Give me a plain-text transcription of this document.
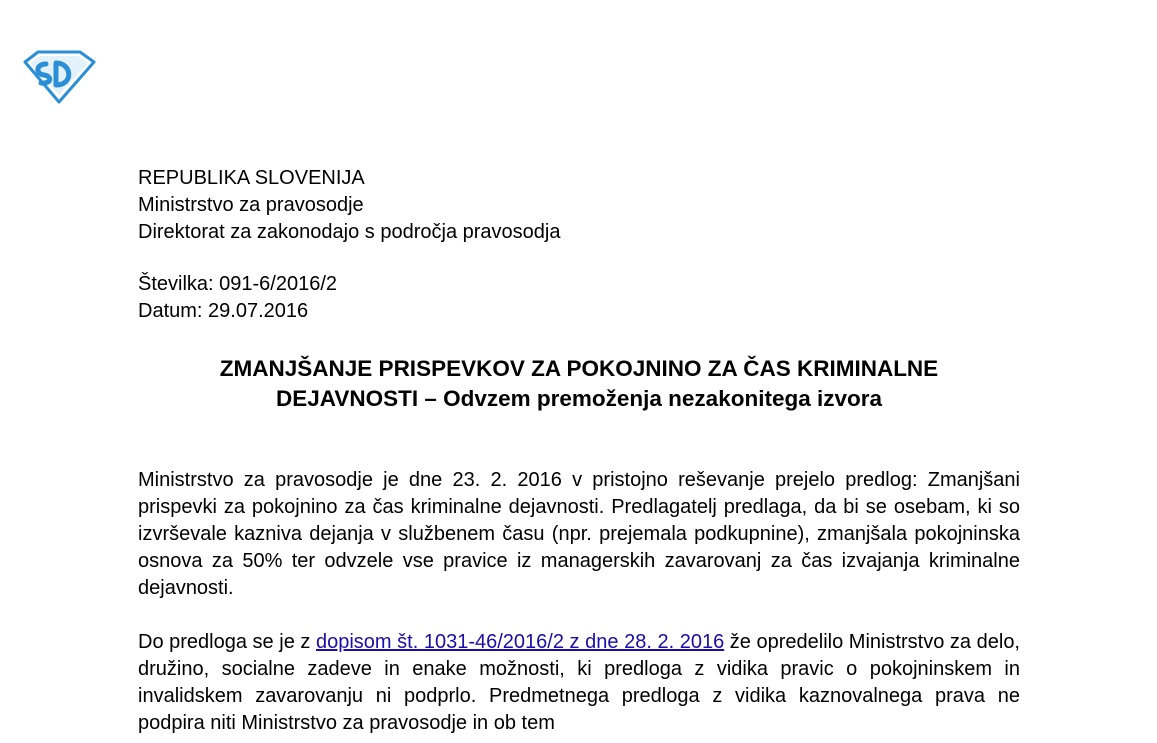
REPUBLIKA SLOVENIJA
Ministrstvo za pravosodje
Direktorat za zakonodajo s področja pravosodja
Številka: 091-6/2016/2
Datum: 29.07.2016
ZMANJŠANJE PRISPEVKOV ZA POKOJNINO ZA ČAS KRIMINALNE
DEJAVNOSTI – Odvzem premoženja nezakonitega izvora

Ministrstvo za pravosodje je dne 23. 2. 2016 v pristojno reševanje prejelo predlog: Zmanjšani prispevki za pokojnino za čas kriminalne dejavnosti. Predlagatelj predlaga, da bi se osebam, ki so izvrševale kazniva dejanja v službenem času (npr. prejemala podkupnine), zmanjšala pokojninska osnova za 50% ter odvzele vse pravice iz managerskih zavarovanj za čas izvajanja kriminalne dejavnosti.

Do predloga se je z dopisom št. 1031-46/2016/2 z dne 28. 2. 2016 že opredelilo Ministrstvo za delo, družino, socialne zadeve in enake možnosti, ki predloga z vidika pravic o pokojninskem in invalidskem zavarovanju ni podprlo. Predmetnega predloga z vidika kaznovalnega prava ne podpira niti Ministrstvo za pravosodje in ob tem
